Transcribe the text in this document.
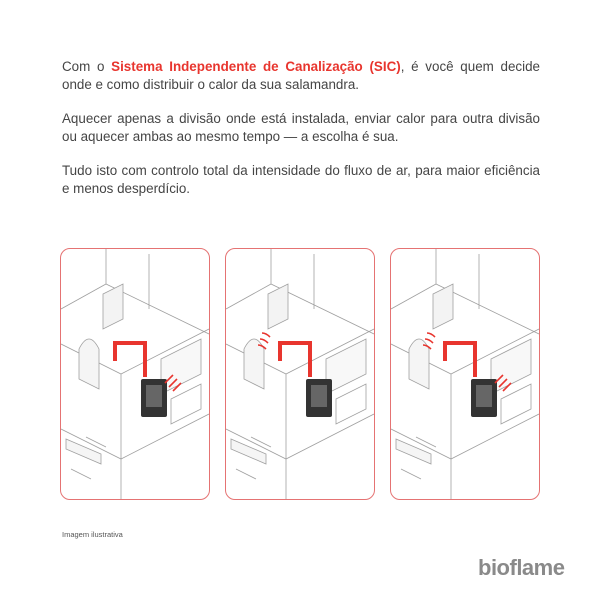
Com o Sistema Independente de Canalização (SIC), é você quem decide onde e como distribuir o calor da sua salamandra.
Aquecer apenas a divisão onde está instalada, enviar calor para outra divisão ou aquecer ambas ao mesmo tempo — a escolha é sua.
Tudo isto com controlo total da intensidade do fluxo de ar, para maior eficiência e menos desperdício.
Imagem ilustrativa
bioflame
